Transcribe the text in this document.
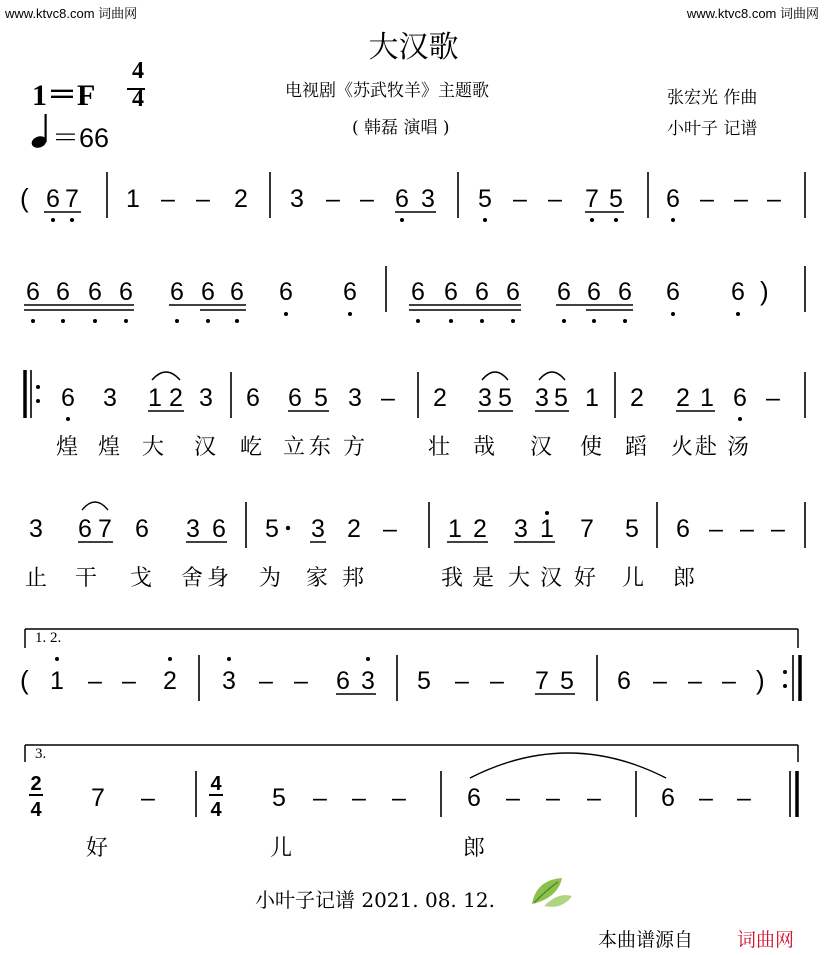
www.ktvc8.com 词曲网	www.ktvc8.com 词曲网
大汉歌
电视剧《苏武牧羊》主题歌
( 韩磊 演唱 )
张宏光 作曲
小叶子 记谱
1＝F
4
4
＝66
( 6 7 1 – – 2 3 – – 6 3 5 – – 7 5 6 – – –
6 6 6 6 6 6 6 6 6 6 6 6 6 6 6 6 6 6 )
6 3 1 2 3 6 6 5 3 – 2 3 5 3 5 1 2 2 1 6 –
3 6 7 6 3 6 5 3 2 – 1 2 3 1 7 5 6 – – –
( 1 – – 2 3 – – 6 3 5 – – 7 5 6 – – – )
2
4 7 –	4
4 5 – – – 6 – – – 6 – –
煌 煌 大 汉 屹 立 东 方	壮 哉 汉 使 蹈 火 赴 汤
止 干 戈 舍 身 为 家 邦	我 是 大 汉 好 儿 郎
1. 2.
3.
好	儿	郎
小叶子记谱 2021. 08. 12.
本曲谱源自 词曲网
